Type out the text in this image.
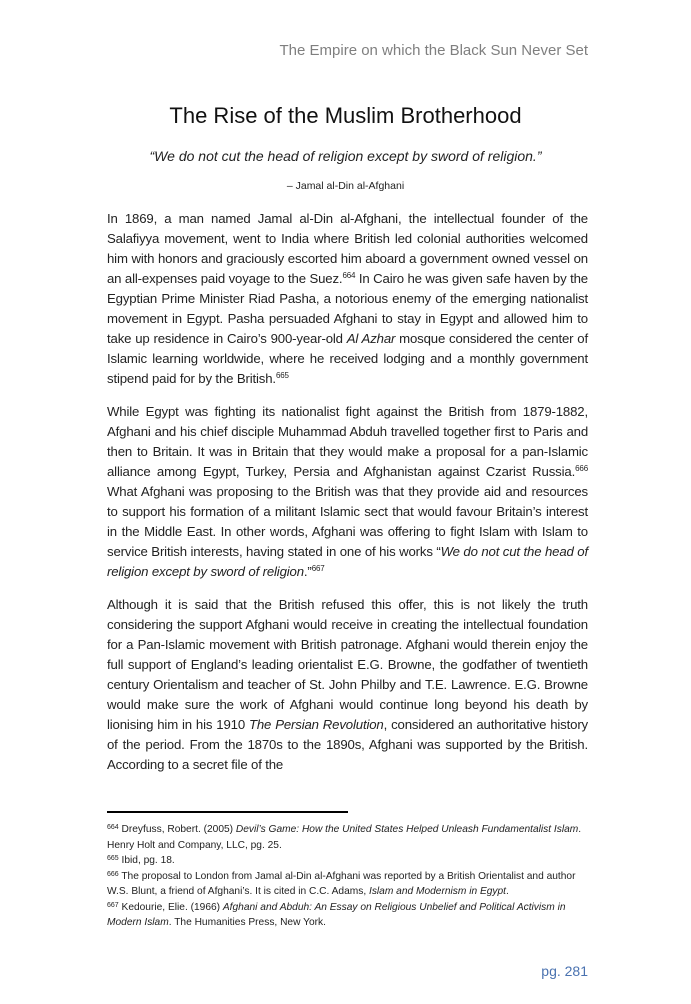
The Empire on which the Black Sun Never Set
The Rise of the Muslim Brotherhood
“We do not cut the head of religion except by sword of religion.”
– Jamal al-Din al-Afghani

In 1869, a man named Jamal al-Din al-Afghani, the intellectual founder of the Salafiyya movement, went to India where British led colonial authorities welcomed him with honors and graciously escorted him aboard a government owned vessel on an all-expenses paid voyage to the Suez.$^{664}$ In Cairo he was given safe haven by the Egyptian Prime Minister Riad Pasha, a notorious enemy of the emerging nationalist movement in Egypt. Pasha persuaded Afghani to stay in Egypt and allowed him to take up residence in Cairo’s 900-year-old Al Azhar mosque considered the center of Islamic learning worldwide, where he received lodging and a monthly government stipend paid for by the British.$^{665}$

While Egypt was fighting its nationalist fight against the British from 1879-1882, Afghani and his chief disciple Muhammad Abduh travelled together first to Paris and then to Britain. It was in Britain that they would make a proposal for a pan-Islamic alliance among Egypt, Turkey, Persia and Afghanistan against Czarist Russia.$^{666}$ What Afghani was proposing to the British was that they provide aid and resources to support his formation of a militant Islamic sect that would favour Britain’s interest in the Middle East. In other words, Afghani was offering to fight Islam with Islam to service British interests, having stated in one of his works “We do not cut the head of religion except by sword of religion.”$^{667}$

Although it is said that the British refused this offer, this is not likely the truth considering the support Afghani would receive in creating the intellectual foundation for a Pan-Islamic movement with British patronage. Afghani would therein enjoy the full support of England’s leading orientalist E.G. Browne, the godfather of twentieth century Orientalism and teacher of St. John Philby and T.E. Lawrence. E.G. Browne would make sure the work of Afghani would continue long beyond his death by lionising him in his 1910 The Persian Revolution, considered an authoritative history of the period. From the 1870s to the 1890s, Afghani was supported by the British. According to a secret file of the

$^{664}$ Dreyfuss, Robert. (2005) Devil’s Game: How the United States Helped Unleash Fundamentalist Islam. Henry Holt and Company, LLC, pg. 25.
$^{665}$ Ibid, pg. 18.
$^{666}$ The proposal to London from Jamal al-Din al-Afghani was reported by a British Orientalist and author W.S. Blunt, a friend of Afghani’s. It is cited in C.C. Adams, Islam and Modernism in Egypt.
$^{667}$ Kedourie, Elie. (1966) Afghani and Abduh: An Essay on Religious Unbelief and Political Activism in Modern Islam. The Humanities Press, New York.
pg. 281
